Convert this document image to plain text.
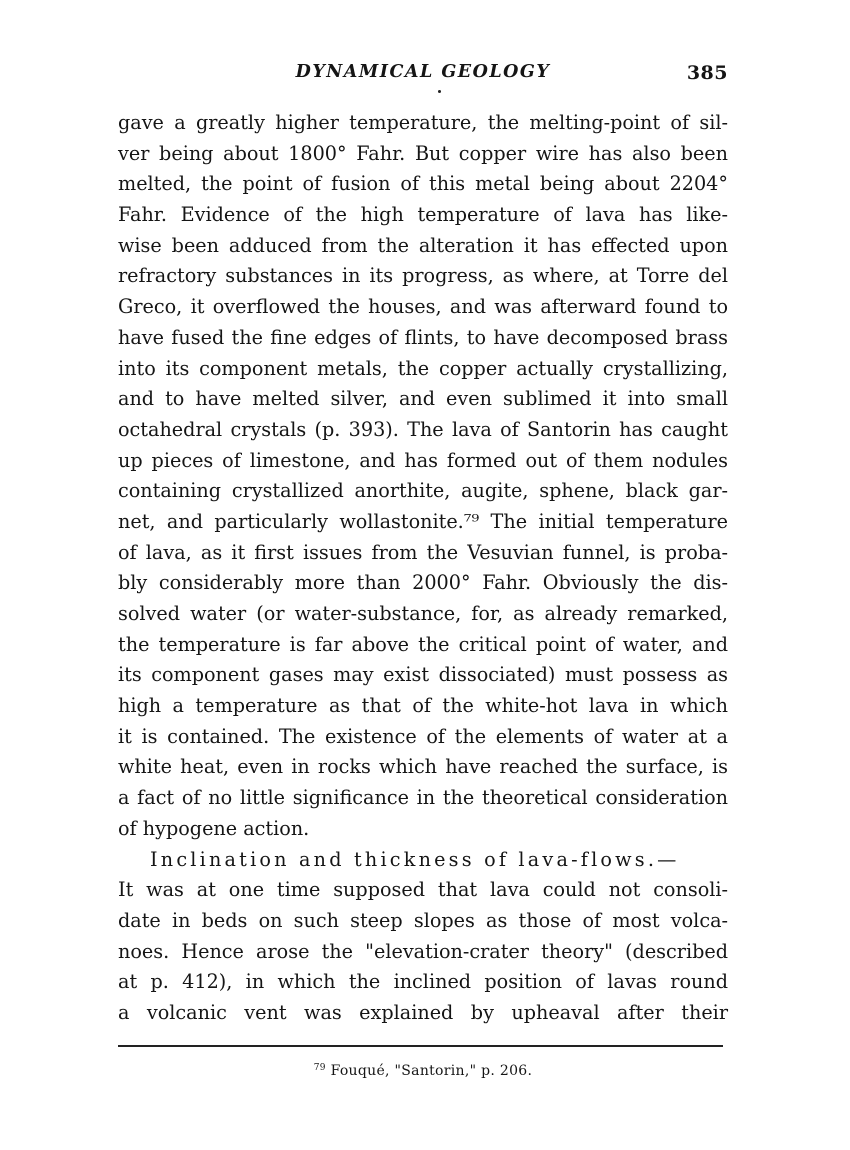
DYNAMICAL GEOLOGY	385
gave a greatly higher temperature, the melting-point of sil-
ver being about 1800° Fahr. But copper wire has also been
melted, the point of fusion of this metal being about 2204°
Fahr. Evidence of the high temperature of lava has like-
wise been adduced from the alteration it has effected upon
refractory substances in its progress, as where, at Torre del
Greco, it overflowed the houses, and was afterward found to
have fused the fine edges of flints, to have decomposed brass
into its component metals, the copper actually crystallizing,
and to have melted silver, and even sublimed it into small
octahedral crystals (p. 393). The lava of Santorin has caught
up pieces of limestone, and has formed out of them nodules
containing crystallized anorthite, augite, sphene, black gar-
net, and particularly wollastonite.⁷⁹ The initial temperature
of lava, as it first issues from the Vesuvian funnel, is proba-
bly considerably more than 2000° Fahr. Obviously the dis-
solved water (or water-substance, for, as already remarked,
the temperature is far above the critical point of water, and
its component gases may exist dissociated) must possess as
high a temperature as that of the white-hot lava in which
it is contained. The existence of the elements of water at a
white heat, even in rocks which have reached the surface, is
a fact of no little significance in the theoretical consideration
of hypogene action.
Inclination and thickness of lava-flows.—
It was at one time supposed that lava could not consoli-
date in beds on such steep slopes as those of most volca-
noes. Hence arose the "elevation-crater theory" (described
at p. 412), in which the inclined position of lavas round
a volcanic vent was explained by upheaval after their
$^{79}$ Fouqué, "Santorin," p. 206.
